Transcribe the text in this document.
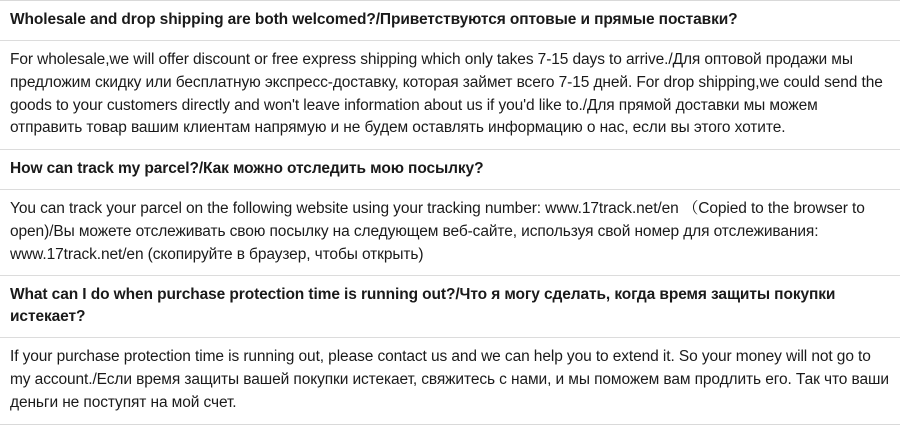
Wholesale and drop shipping are both welcomed?/Приветствуются оптовые и прямые поставки?
For wholesale,we will offer discount or free express shipping which only takes 7-15 days to arrive./Для оптовой продажи мы предложим скидку или бесплатную экспресс-доставку, которая займет всего 7-15 дней. For drop shipping,we could send the goods to your customers directly and won't leave information about us if you'd like to./Для прямой доставки мы можем отправить товар вашим клиентам напрямую и не будем оставлять информацию о нас, если вы этого хотите.
How can track my parcel?/Как можно отследить мою посылку?
You can track your parcel on the following website using your tracking number: www.17track.net/en （Copied to the browser to open)/Вы можете отслеживать свою посылку на следующем веб-сайте, используя свой номер для отслеживания: www.17track.net/en (скопируйте в браузер, чтобы открыть)
What can I do when purchase protection time is running out?/Что я могу сделать, когда время защиты покупки истекает?
If your purchase protection time is running out, please contact us and we can help you to extend it. So your money will not go to my account./Если время защиты вашей покупки истекает, свяжитесь с нами, и мы поможем вам продлить его. Так что ваши деньги не поступят на мой счет.
